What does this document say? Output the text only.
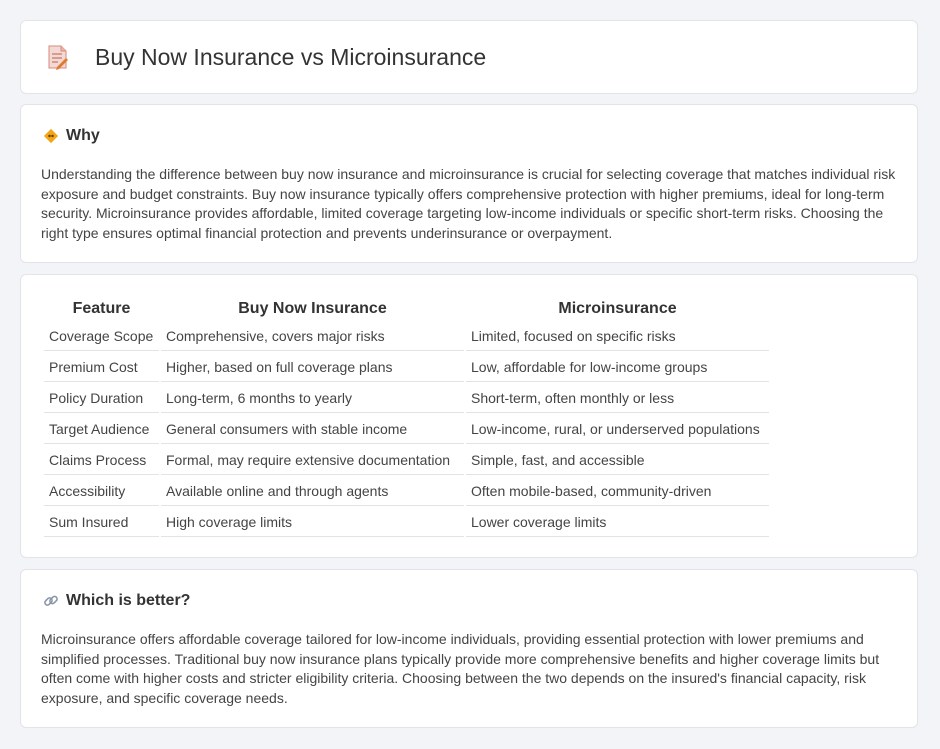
Buy Now Insurance vs Microinsurance
Why

Understanding the difference between buy now insurance and microinsurance is crucial for selecting coverage that matches individual risk exposure and budget constraints. Buy now insurance typically offers comprehensive protection with higher premiums, ideal for long-term security. Microinsurance provides affordable, limited coverage targeting low-income individuals or specific short-term risks. Choosing the right type ensures optimal financial protection and prevents underinsurance or overpayment.

Feature	Buy Now Insurance	Microinsurance
Coverage Scope	Comprehensive, covers major risks	Limited, focused on specific risks
Premium Cost	Higher, based on full coverage plans	Low, affordable for low-income groups
Policy Duration	Long-term, 6 months to yearly	Short-term, often monthly or less
Target Audience	General consumers with stable income	Low-income, rural, or underserved populations
Claims Process	Formal, may require extensive documentation	Simple, fast, and accessible
Accessibility	Available online and through agents	Often mobile-based, community-driven
Sum Insured	High coverage limits	Lower coverage limits
Which is better?

Microinsurance offers affordable coverage tailored for low-income individuals, providing essential protection with lower premiums and simplified processes. Traditional buy now insurance plans typically provide more comprehensive benefits and higher coverage limits but often come with higher costs and stricter eligibility criteria. Choosing between the two depends on the insured's financial capacity, risk exposure, and specific coverage needs.
